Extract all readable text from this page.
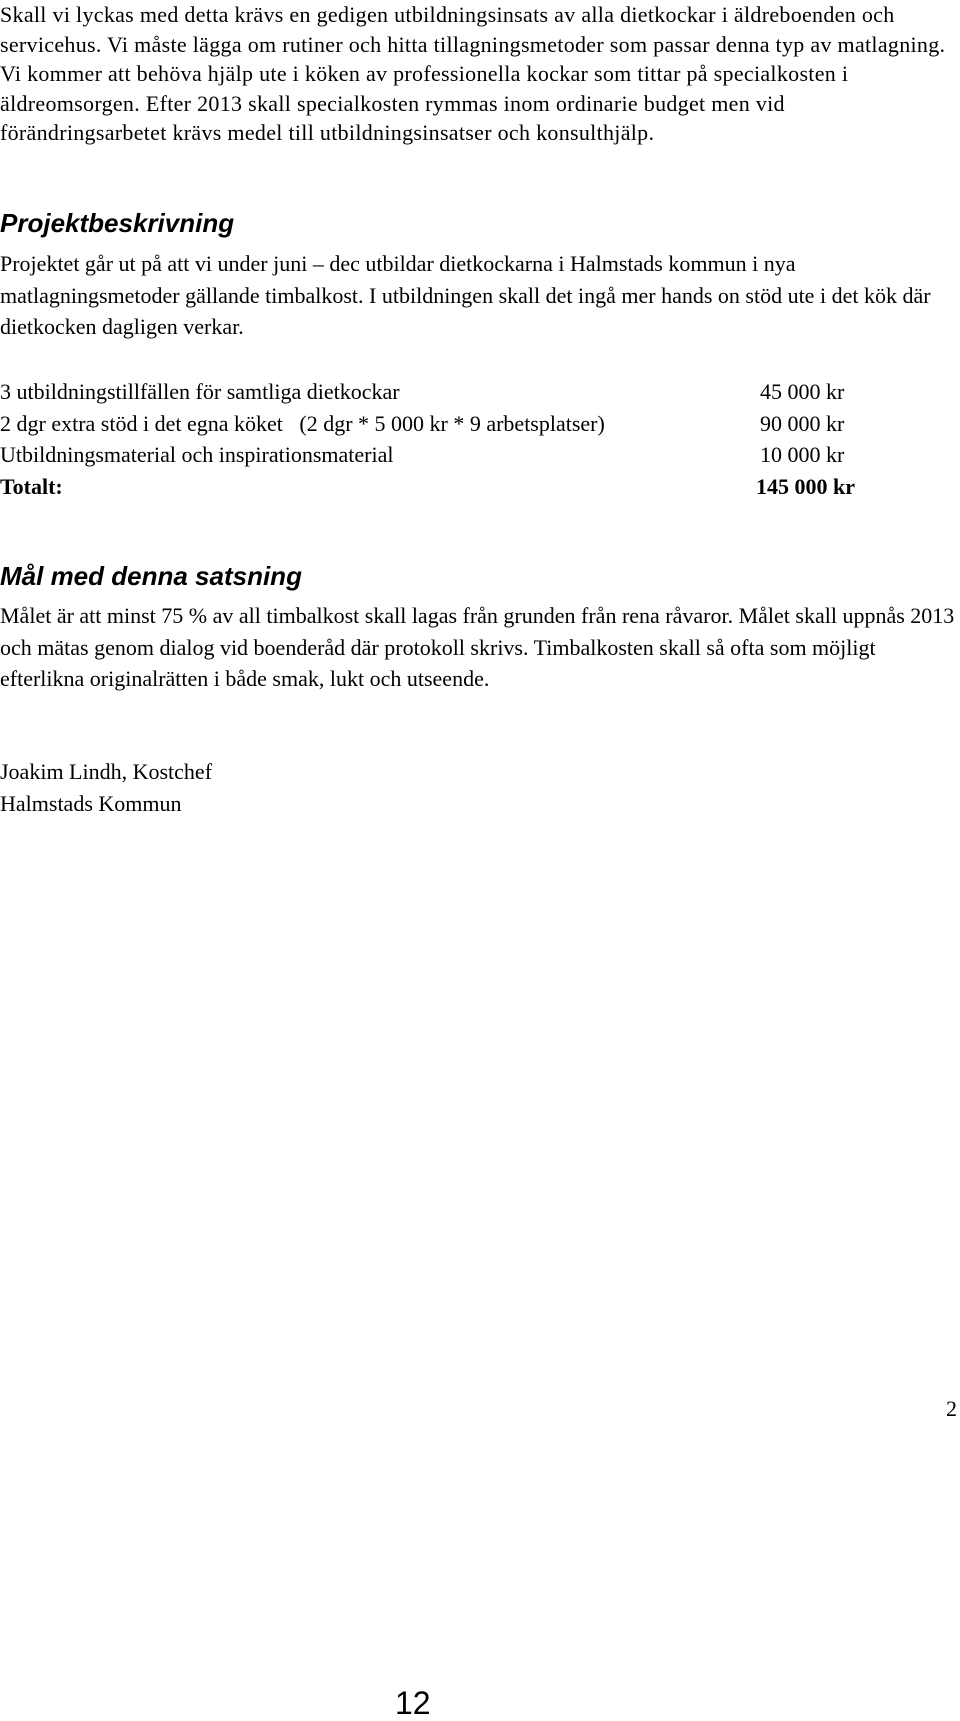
Skall vi lyckas med detta krävs en gedigen utbildningsinsats av alla dietkockar i äldreboenden och servicehus. Vi måste lägga om rutiner och hitta tillagningsmetoder som passar denna typ av matlagning. Vi kommer att behöva hjälp ute i köken av professionella kockar som tittar på specialkosten i äldreomsorgen. Efter 2013 skall specialkosten rymmas inom ordinarie budget men vid förändringsarbetet krävs medel till utbildningsinsatser och konsulthjälp.

Projektbeskrivning

Projektet går ut på att vi under juni – dec utbildar dietkockarna i Halmstads kommun i nya matlagningsmetoder gällande timbalkost. I utbildningen skall det ingå mer hands on stöd ute i det kök där dietkocken dagligen verkar.

3 utbildningstillfällen för samtliga dietkockar	45 000 kr
2 dgr extra stöd i det egna köket   (2 dgr * 5 000 kr * 9 arbetsplatser)	90 000 kr
Utbildningsmaterial och inspirationsmaterial	10 000 kr
Totalt:	145 000 kr
Mål med denna satsning

Målet är att minst 75 % av all timbalkost skall lagas från grunden från rena råvaror. Målet skall uppnås 2013 och mätas genom dialog vid boenderåd där protokoll skrivs. Timbalkosten skall så ofta som möjligt efterlikna originalrätten i både smak, lukt och utseende.

Joakim Lindh, Kostchef
Halmstads Kommun
2
12
